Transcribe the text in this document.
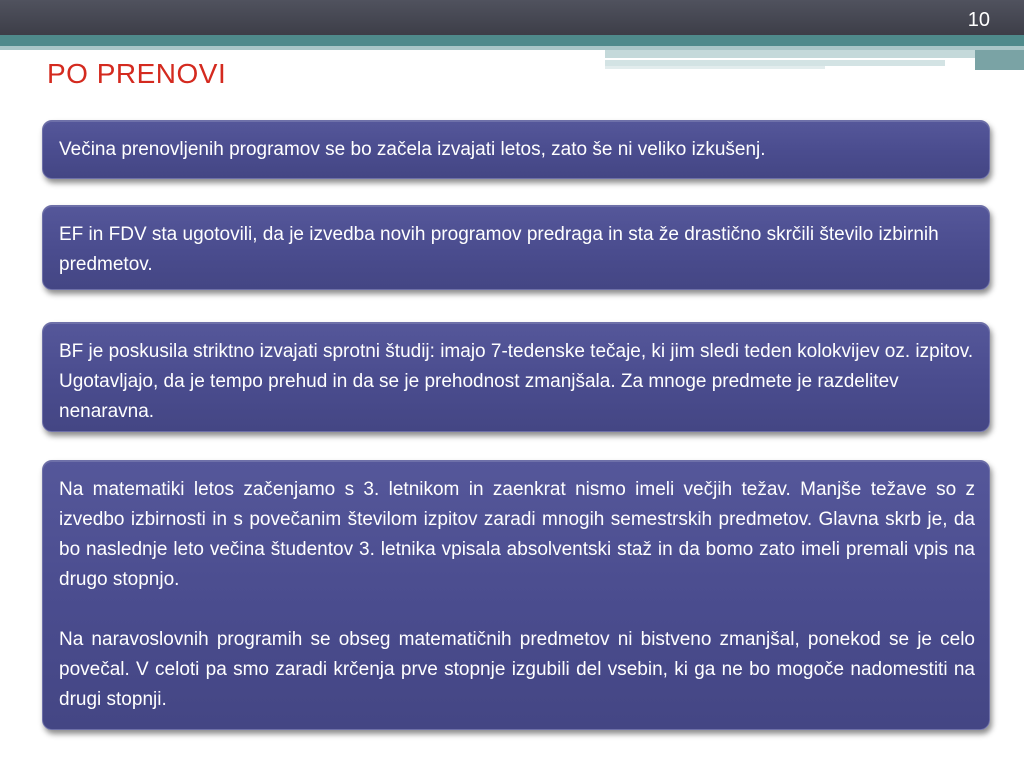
10
PO PRENOVI
Večina prenovljenih programov se bo začela izvajati letos, zato še ni veliko izkušenj.
EF in FDV sta ugotovili, da je izvedba novih programov predraga in sta že drastično skrčili število izbirnih predmetov.
BF je poskusila striktno izvajati sprotni študij: imajo 7-tedenske tečaje, ki jim sledi teden kolokvijev oz. izpitov. Ugotavljajo, da je tempo prehud in da se je prehodnost zmanjšala. Za mnoge predmete je razdelitev nenaravna.

Na matematiki letos začenjamo s 3. letnikom in zaenkrat nismo imeli večjih težav. Manjše težave so z izvedbo izbirnosti in s povečanim številom izpitov zaradi mnogih semestrskih predmetov. Glavna skrb je, da bo naslednje leto večina študentov 3. letnika vpisala absolventski staž in da bomo zato imeli premali vpis na drugo stopnjo.

Na naravoslovnih programih se obseg matematičnih predmetov ni bistveno zmanjšal, ponekod se je celo povečal. V celoti pa smo zaradi krčenja prve stopnje izgubili del vsebin, ki ga ne bo mogoče nadomestiti na drugi stopnji.
